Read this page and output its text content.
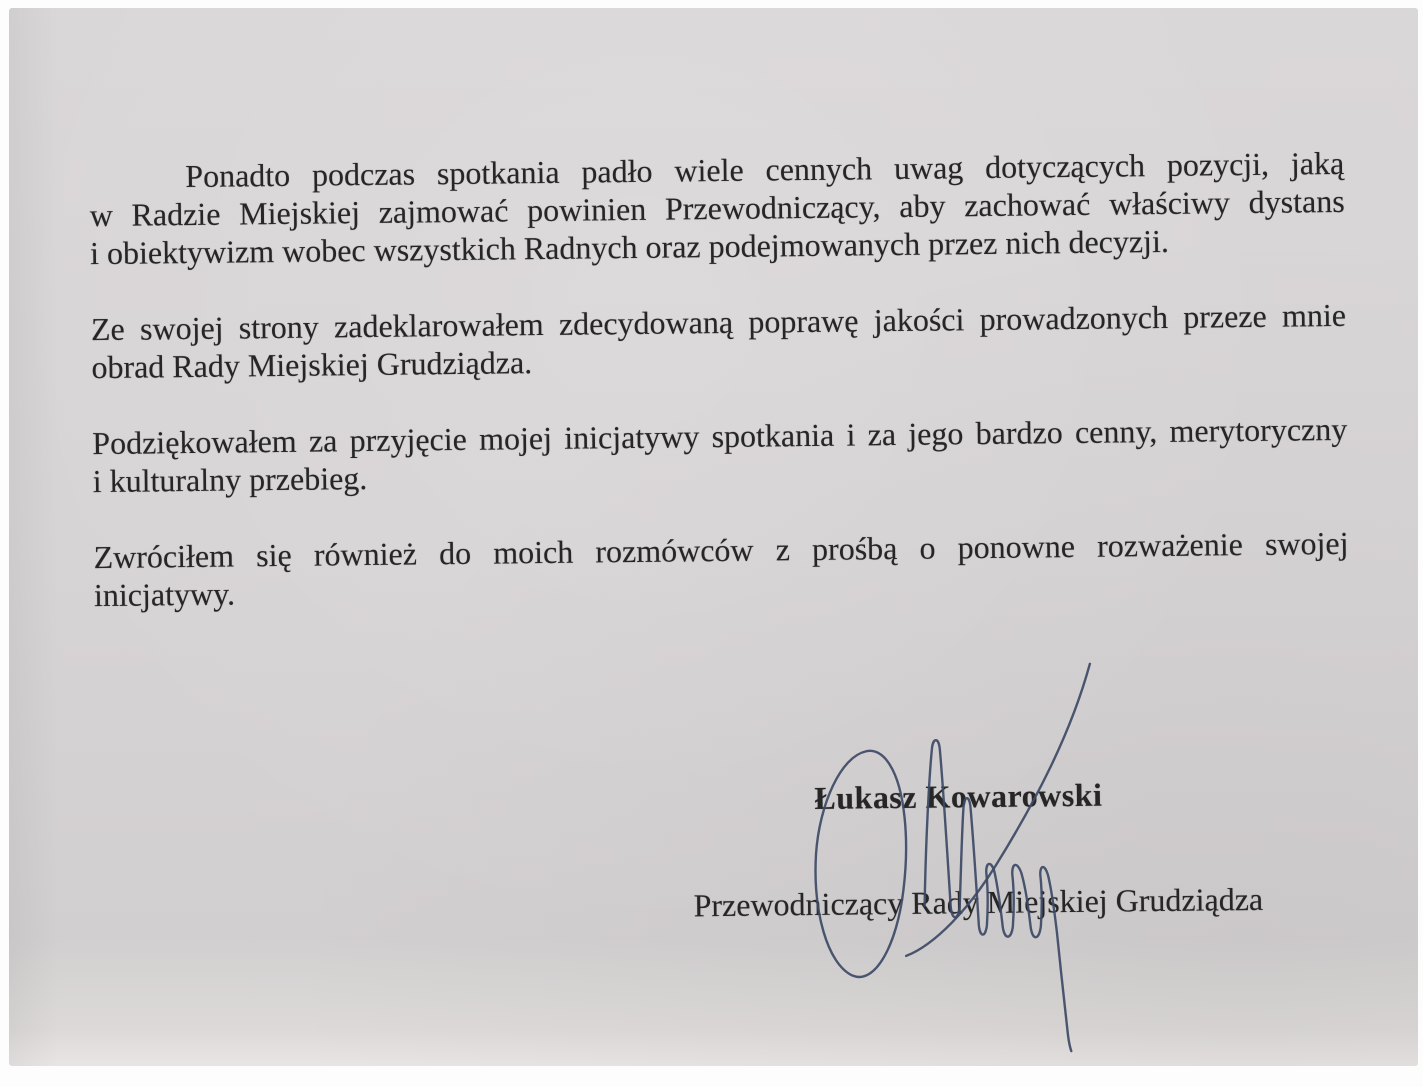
Ponadto podczas spotkania padło wiele cennych uwag dotyczących pozycji, jaką
w Radzie Miejskiej zajmować powinien Przewodniczący, aby zachować właściwy dystans
i obiektywizm wobec wszystkich Radnych oraz podejmowanych przez nich decyzji.
Ze swojej strony zadeklarowałem zdecydowaną poprawę jakości prowadzonych przeze mnie
obrad Rady Miejskiej Grudziądza.
Podziękowałem za przyjęcie mojej inicjatywy spotkania i za jego bardzo cenny, merytoryczny
i kulturalny przebieg.
Zwróciłem się również do moich rozmówców z prośbą o ponowne rozważenie swojej
inicjatywy.
Łukasz Kowarowski
Przewodniczący Rady Miejskiej Grudziądza
